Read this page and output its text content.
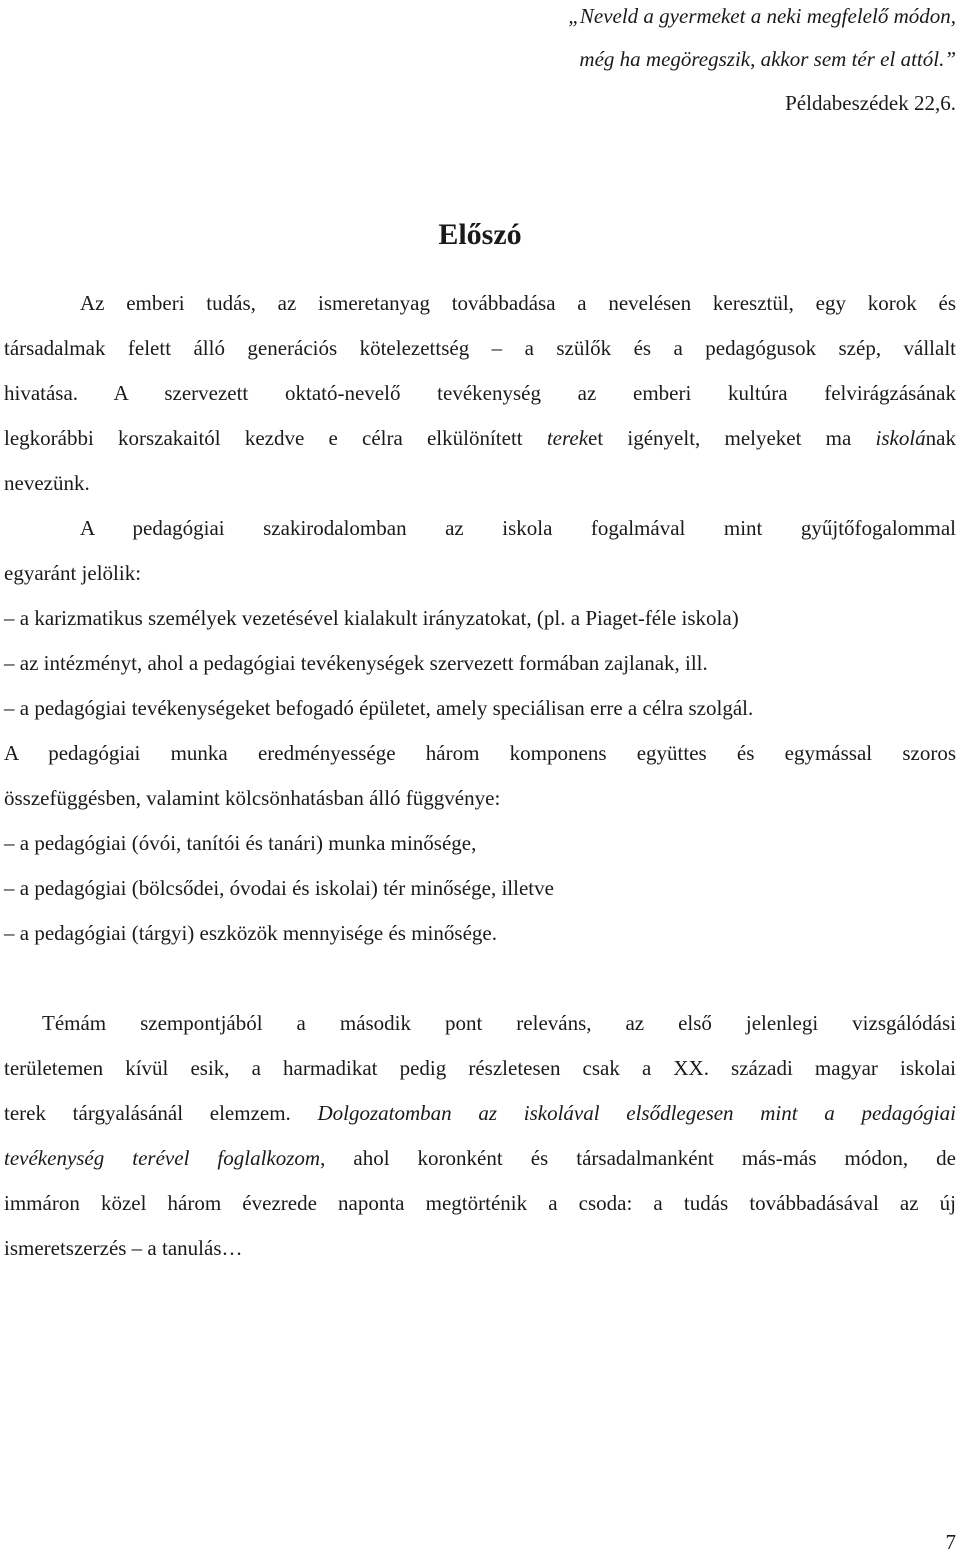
„Neveld a gyermeket a neki megfelelő módon,
még ha megöregszik, akkor sem tér el attól.”
Példabeszédek 22,6.
Előszó
Az emberi tudás, az ismeretanyag továbbadása a nevelésen keresztül, egy korok és
társadalmak felett álló generációs kötelezettség – a szülők és a pedagógusok szép, vállalt
hivatása. A szervezett oktató-nevelő tevékenység az emberi kultúra felvirágzásának
legkorábbi korszakaitól kezdve e célra elkülönített tereket igényelt, melyeket ma iskolának
nevezünk.
A pedagógiai szakirodalomban az iskola fogalmával mint gyűjtőfogalommal
egyaránt jelölik:
– a karizmatikus személyek vezetésével kialakult irányzatokat, (pl. a Piaget-féle iskola)
– az intézményt, ahol a pedagógiai tevékenységek szervezett formában zajlanak, ill.
– a pedagógiai tevékenységeket befogadó épületet, amely speciálisan erre a célra szolgál.
A pedagógiai munka eredményessége három komponens együttes és egymással szoros
összefüggésben, valamint kölcsönhatásban álló függvénye:
– a pedagógiai (óvói, tanítói és tanári) munka minősége,
– a pedagógiai (bölcsődei, óvodai és iskolai) tér minősége, illetve
– a pedagógiai (tárgyi) eszközök mennyisége és minősége.
Témám szempontjából a második pont releváns, az első jelenlegi vizsgálódási
területemen kívül esik, a harmadikat pedig részletesen csak a XX. századi magyar iskolai
terek tárgyalásánál elemzem. Dolgozatomban az iskolával elsődlegesen mint a pedagógiai
tevékenység terével foglalkozom, ahol koronként és társadalmanként más-más módon, de
immáron közel három évezrede naponta megtörténik a csoda: a tudás továbbadásával az új
ismeretszerzés – a tanulás…
7
